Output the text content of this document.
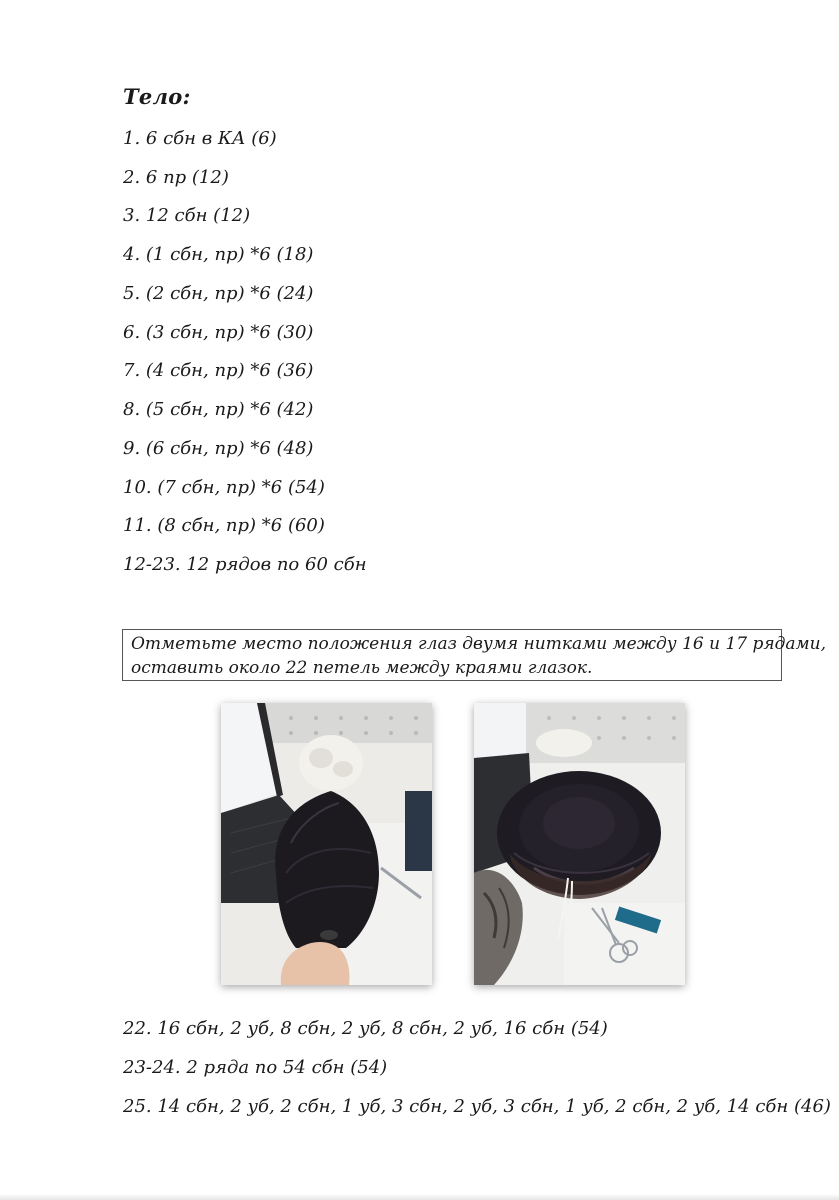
Тело:
1. 6 сбн в КА (6)
2. 6 пр (12)
3. 12 сбн (12)
4. (1 сбн, пр) *6 (18)
5. (2 сбн, пр) *6 (24)
6. (3 сбн, пр) *6 (30)
7. (4 сбн, пр) *6 (36)
8. (5 сбн, пр) *6 (42)
9. (6 сбн, пр) *6 (48)
10. (7 сбн, пр) *6 (54)
11. (8 сбн, пр) *6 (60)
12-23. 12 рядов по 60 сбн
Отметьте место положения глаз двумя нитками между 16 и 17 рядами,
оставить около 22 петель между краями глазок.
22. 16 сбн, 2 уб, 8 сбн, 2 уб, 8 сбн, 2 уб, 16 сбн (54)
23-24. 2 ряда по 54 сбн (54)
25. 14 сбн, 2 уб, 2 сбн, 1 уб, 3 сбн, 2 уб, 3 сбн, 1 уб, 2 сбн, 2 уб, 14 сбн (46)
